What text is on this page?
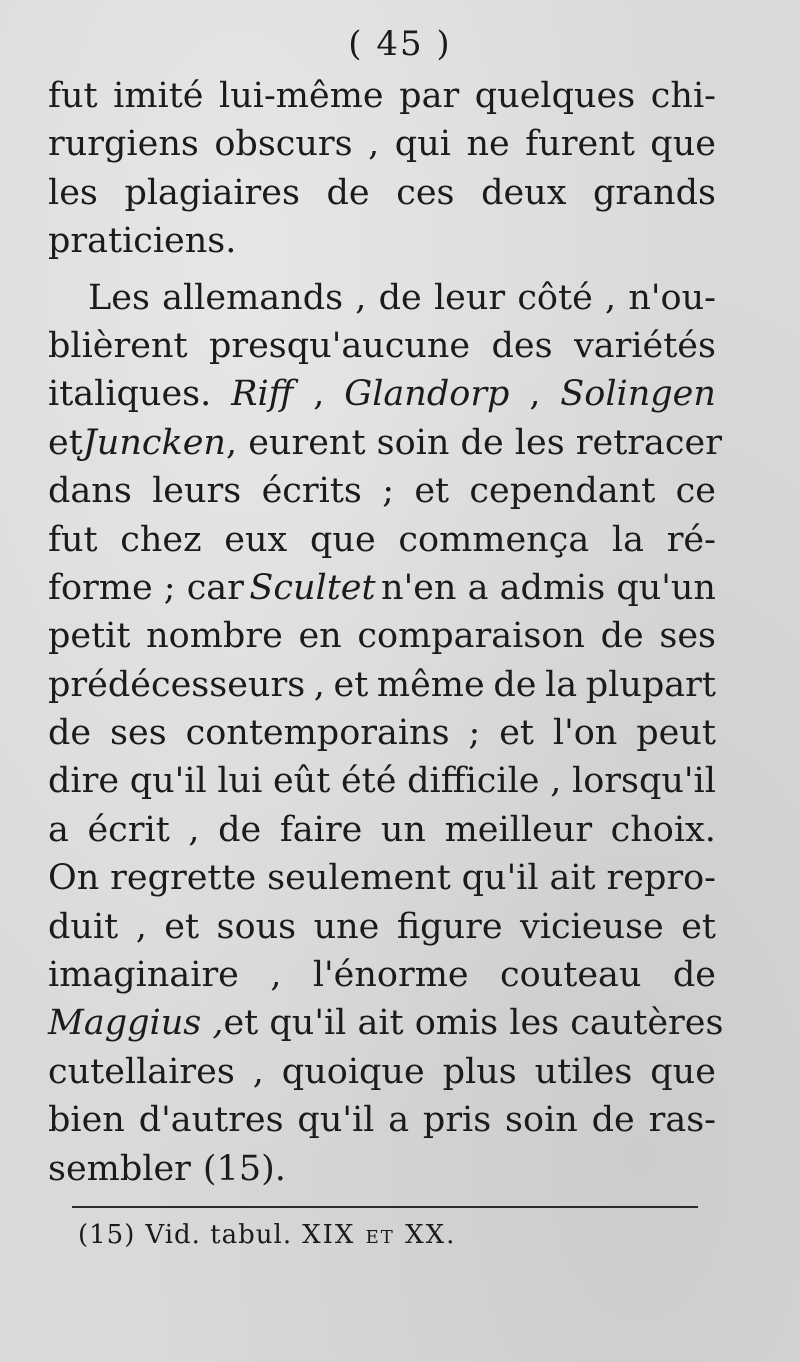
( 45 )
fut imité lui-même par quelques chi-
rurgiens obscurs , qui ne furent que
les plagiaires de ces deux grands
praticiens.
Les allemands , de leur côté , n'ou-
blièrent presqu'aucune des variétés
italiques. Riff , Glandorp , Solingen
et Juncken , eurent soin de les retracer
dans leurs écrits ; et cependant ce
fut chez eux que commença la ré-
forme ; car Scultet n'en a admis qu'un
petit nombre en comparaison de ses
prédécesseurs , et même de la plupart
de ses contemporains ; et l'on peut
dire qu'il lui eût été difficile , lorsqu'il
a écrit , de faire un meilleur choix.
On regrette seulement qu'il ait repro-
duit , et sous une figure vicieuse et
imaginaire , l'énorme couteau de
Maggius , et qu'il ait omis les cautères
cutellaires , quoique plus utiles que
bien d'autres qu'il a pris soin de ras-
sembler (15).
(15) Vid. tabul. XIX et XX.
